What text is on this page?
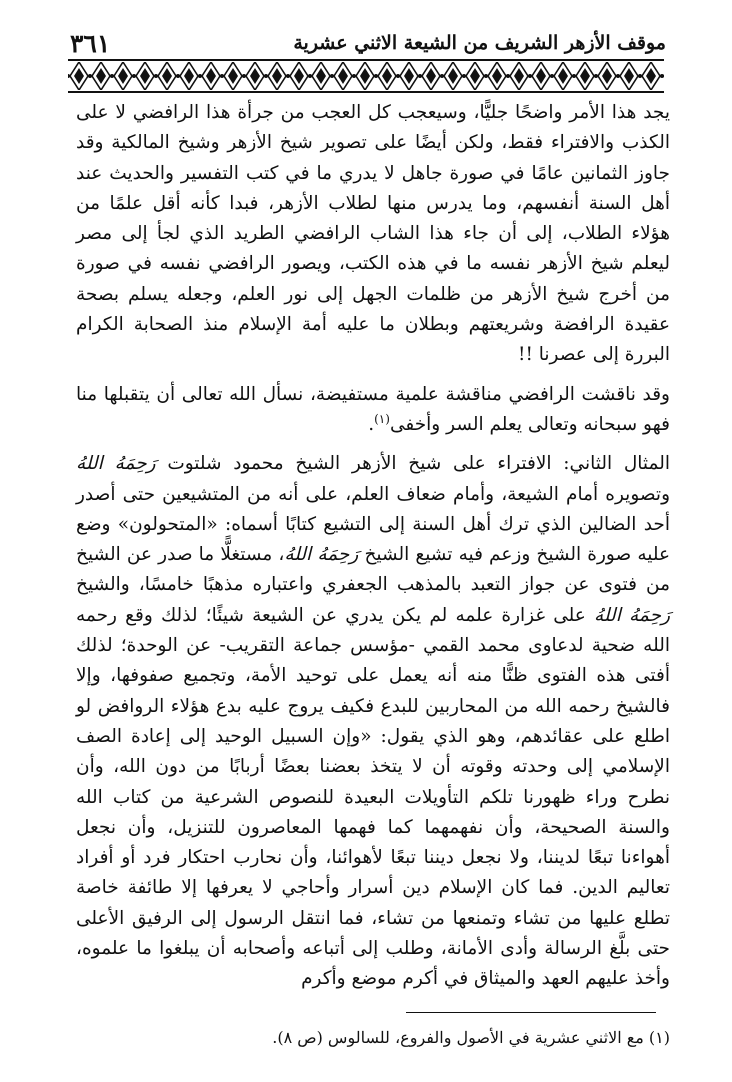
٣٦١	موقف الأزهر الشريف من الشيعة الاثني عشرية

يجد هذا الأمر واضحًا جليًّا، وسيعجب كل العجب من جرأة هذا الرافضي لا على الكذب والافتراء فقط، ولكن أيضًا على تصوير شيخ الأزهر وشيخ المالكية وقد جاوز الثمانين عامًا في صورة جاهل لا يدري ما في كتب التفسير والحديث عند أهل السنة أنفسهم، وما يدرس منها لطلاب الأزهر، فبدا كأنه أقل علمًا من هؤلاء الطلاب، إلى أن جاء هذا الشاب الرافضي الطريد الذي لجأ إلى مصر ليعلم شيخ الأزهر نفسه ما في هذه الكتب، ويصور الرافضي نفسه في صورة من أخرج شيخ الأزهر من ظلمات الجهل إلى نور العلم، وجعله يسلم بصحة عقيدة الرافضة وشريعتهم وبطلان ما عليه أمة الإسلام منذ الصحابة الكرام البررة إلى عصرنا !!

وقد ناقشت الرافضي مناقشة علمية مستفيضة، نسأل الله تعالى أن يتقبلها منا فهو سبحانه وتعالى يعلم السر وأخفى$^{(١)}$.

المثال الثاني: الافتراء على شيخ الأزهر الشيخ محمود شلتوت رَحِمَهُ اللهُ وتصويره أمام الشيعة، وأمام ضعاف العلم، على أنه من المتشيعين حتى أصدر أحد الضالين الذي ترك أهل السنة إلى التشيع كتابًا أسماه: «المتحولون» وضع عليه صورة الشيخ وزعم فيه تشيع الشيخ رَحِمَهُ اللهُ، مستغلًّا ما صدر عن الشيخ من فتوى عن جواز التعبد بالمذهب الجعفري واعتباره مذهبًا خامسًا، والشيخ رَحِمَهُ اللهُ على غزارة علمه لم يكن يدري عن الشيعة شيئًا؛ لذلك وقع رحمه الله ضحية لدعاوى محمد القمي -مؤسس جماعة التقريب- عن الوحدة؛ لذلك أفتى هذه الفتوى ظنًّا منه أنه يعمل على توحيد الأمة، وتجميع صفوفها، وإلا فالشيخ رحمه الله من المحاربين للبدع فكيف يروج عليه بدع هؤلاء الروافض لو اطلع على عقائدهم، وهو الذي يقول: «وإن السبيل الوحيد إلى إعادة الصف الإسلامي إلى وحدته وقوته أن لا يتخذ بعضنا بعضًا أربابًا من دون الله، وأن نطرح وراء ظهورنا تلكم التأويلات البعيدة للنصوص الشرعية من كتاب الله والسنة الصحيحة، وأن نفهمهما كما فهمها المعاصرون للتنزيل، وأن نجعل أهواءنا تبعًا لديننا، ولا نجعل ديننا تبعًا لأهوائنا، وأن نحارب احتكار فرد أو أفراد تعاليم الدين. فما كان الإسلام دين أسرار وأحاجي لا يعرفها إلا طائفة خاصة تطلع عليها من تشاء وتمنعها من تشاء، فما انتقل الرسول إلى الرفيق الأعلى حتى بلَّغ الرسالة وأدى الأمانة، وطلب إلى أتباعه وأصحابه أن يبلغوا ما علموه، وأخذ عليهم العهد والميثاق في أكرم موضع وأكرم

(١) مع الاثني عشرية في الأصول والفروع، للسالوس (ص ٨).
